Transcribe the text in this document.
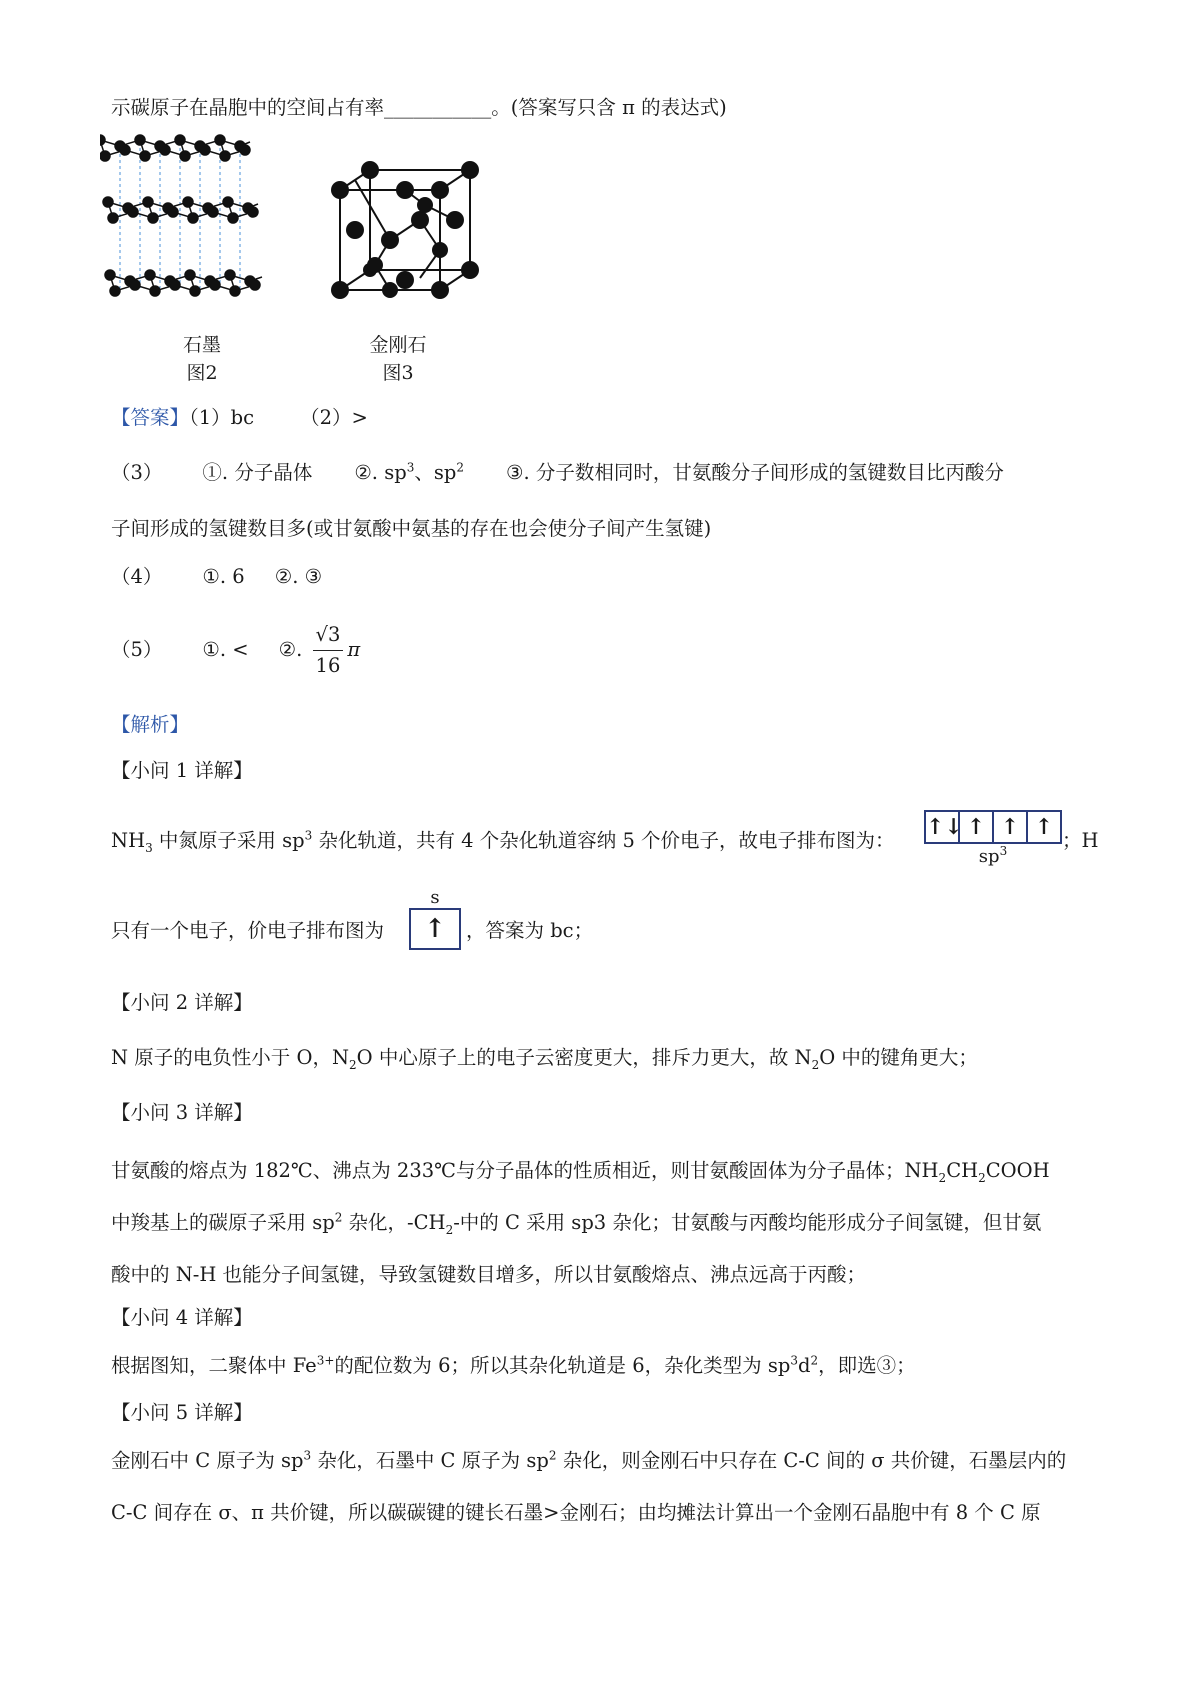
示碳原子在晶胞中的空间占有率___________。(答案写只含 π 的表达式)
石墨
图2
金刚石
图3
【答案】（1）bc （2）>
（3） ①. 分子晶体 ②. $sp^3$、$sp^2$ ③. 分子数相同时，甘氨酸分子间形成的氢键数目比丙酸分
子间形成的氢键数目多(或甘氨酸中氨基的存在也会使分子间产生氢键)
（4） ①. 6 ②. ③
（5） ①. < ②. $\frac{√3}{16}$ π
【解析】
【小问 1 详解】
$NH_3$ 中氮原子采用 $sp^3$ 杂化轨道，共有 4 个杂化轨道容纳 5 个价电子，故电子排布图为：
↑↓ ↑ ↑ ↑
$sp^3$	；H
只有一个电子，价电子排布图为
s
↑	，答案为 bc；
【小问 2 详解】
N 原子的电负性小于 O，$N_2O$ 中心原子上的电子云密度更大，排斥力更大，故 $N_2O$ 中的键角更大；
【小问 3 详解】
甘氨酸的熔点为 182℃、沸点为 233℃与分子晶体的性质相近，则甘氨酸固体为分子晶体；$NH_2CH_2COOH$
中羧基上的碳原子采用 $sp^2$ 杂化，$-CH_2-$中的 C 采用 sp3 杂化；甘氨酸与丙酸均能形成分子间氢键，但甘氨
酸中的 N-H 也能分子间氢键，导致氢键数目增多，所以甘氨酸熔点、沸点远高于丙酸；
【小问 4 详解】
根据图知，二聚体中 $Fe^{3+}$的配位数为 6；所以其杂化轨道是 6，杂化类型为 $sp^3d^2$，即选③；
【小问 5 详解】
金刚石中 C 原子为 $sp^3$ 杂化，石墨中 C 原子为 $sp^2$ 杂化，则金刚石中只存在 C-C 间的 σ 共价键，石墨层内的
C-C 间存在 σ、π 共价键，所以碳碳键的键长石墨>金刚石；由均摊法计算出一个金刚石晶胞中有 8 个 C 原
